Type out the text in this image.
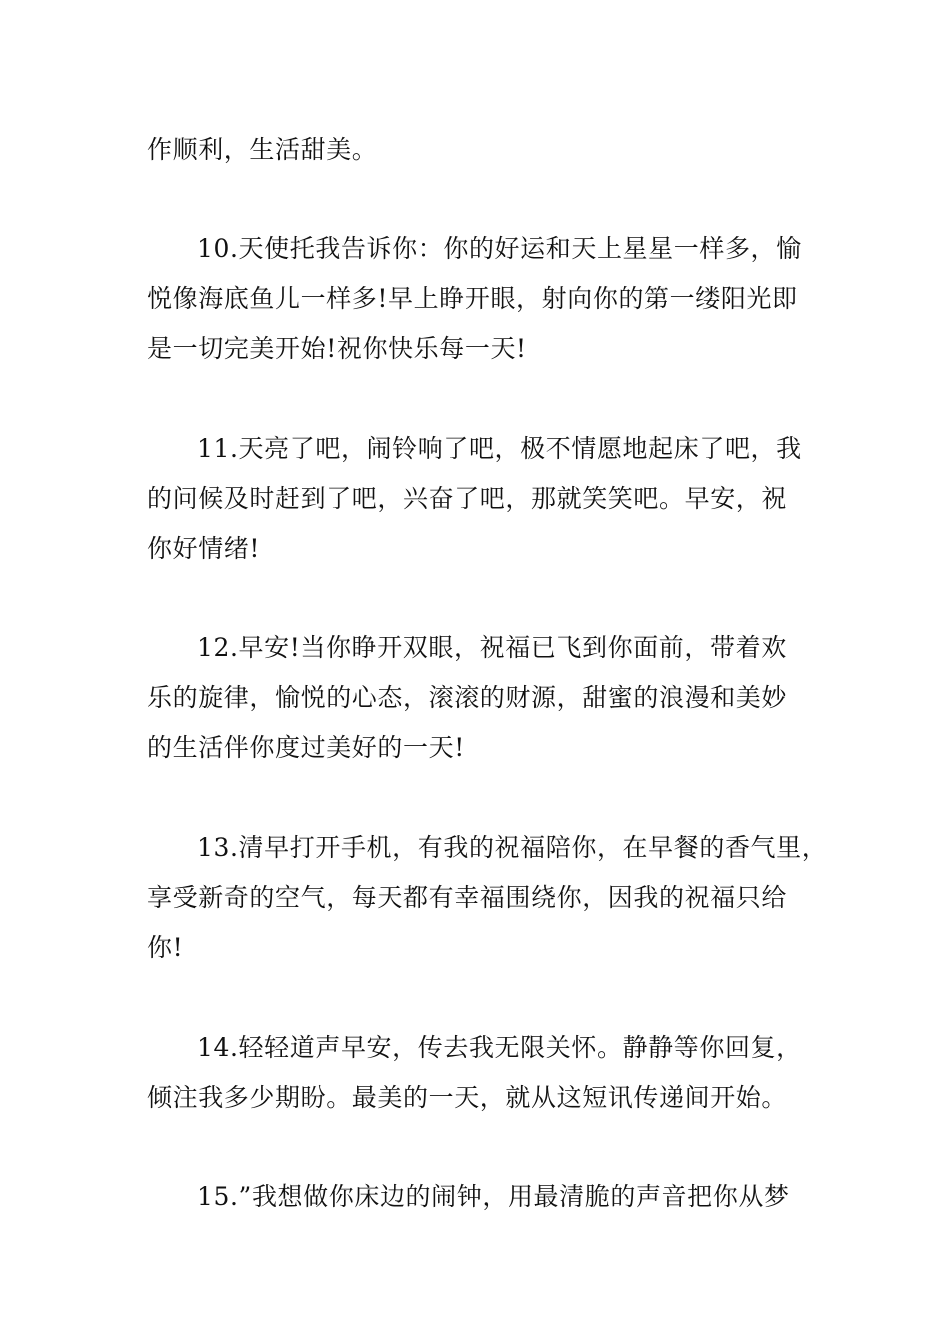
作顺利，生活甜美。
10.天使托我告诉你：你的好运和天上星星一样多，愉
悦像海底鱼儿一样多!早上睁开眼，射向你的第一缕阳光即
是一切完美开始!祝你快乐每一天!
11.天亮了吧，闹铃响了吧，极不情愿地起床了吧，我
的问候及时赶到了吧，兴奋了吧，那就笑笑吧。早安，祝
你好情绪!
12.早安!当你睁开双眼，祝福已飞到你面前，带着欢
乐的旋律，愉悦的心态，滚滚的财源，甜蜜的浪漫和美妙
的生活伴你度过美好的一天!
13.清早打开手机，有我的祝福陪你，在早餐的香气里，
享受新奇的空气，每天都有幸福围绕你，因我的祝福只给
你!
14.轻轻道声早安，传去我无限关怀。静静等你回复，
倾注我多少期盼。最美的一天，就从这短讯传递间开始。
15.”我想做你床边的闹钟，用最清脆的声音把你从梦
